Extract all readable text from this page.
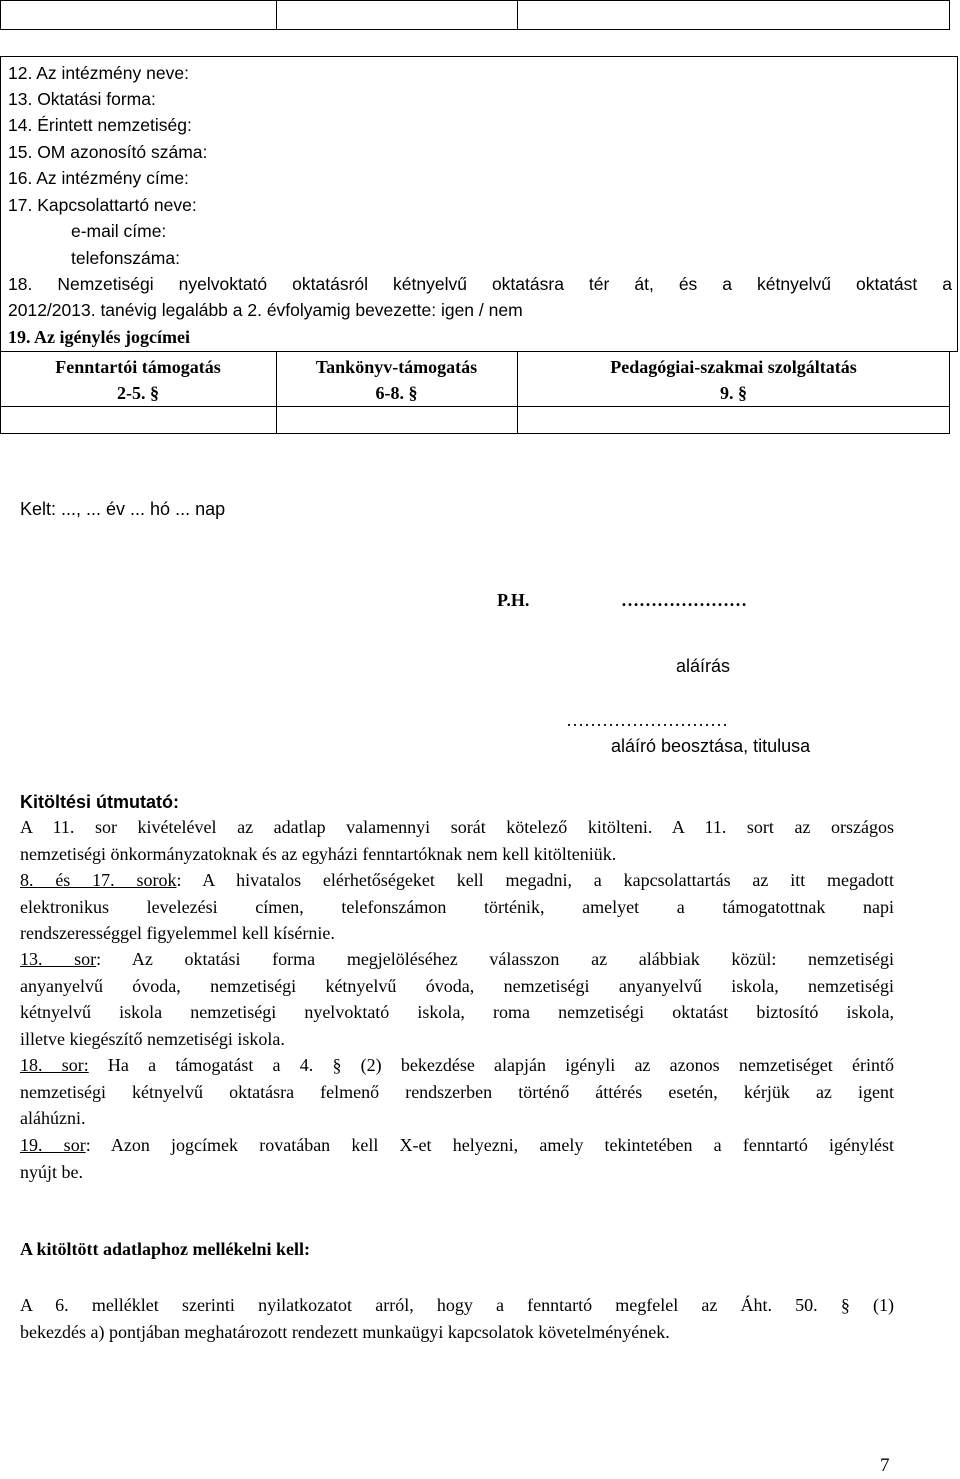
12. Az intézmény neve:
13. Oktatási forma:
14. Érintett nemzetiség:
15. OM azonosító száma:
16. Az intézmény címe:
17. Kapcsolattartó neve:
e-mail címe:
telefonszáma:
18. Nemzetiségi nyelvoktató oktatásról kétnyelvű oktatásra tér át, és a kétnyelvű oktatást a
2012/2013. tanévig legalább a 2. évfolyamig bevezette: igen / nem
19. Az igénylés jogcímei
Fenntartói támogatás
2-5. §
Tankönyv-támogatás
6-8. §
Pedagógiai-szakmai szolgáltatás
9. §
Kelt: ..., ... év ... hó ... nap
P.H.	…………………
aláírás
………………………
aláíró beosztása, titulusa
Kitöltési útmutató:
A 11. sor kivételével az adatlap valamennyi sorát kötelező kitölteni. A 11. sort az országos
nemzetiségi önkormányzatoknak és az egyházi fenntartóknak nem kell kitölteniük.
8. és 17. sorok: A hivatalos elérhetőségeket kell megadni, a kapcsolattartás az itt megadott
elektronikus levelezési címen, telefonszámon történik, amelyet a támogatottnak napi
rendszerességgel figyelemmel kell kísérnie.
13. sor: Az oktatási forma megjelöléséhez válasszon az alábbiak közül: nemzetiségi
anyanyelvű óvoda, nemzetiségi kétnyelvű óvoda, nemzetiségi anyanyelvű iskola, nemzetiségi
kétnyelvű iskola nemzetiségi nyelvoktató iskola, roma nemzetiségi oktatást biztosító iskola,
illetve kiegészítő nemzetiségi iskola.
18. sor: Ha a támogatást a 4. § (2) bekezdése alapján igényli az azonos nemzetiséget érintő
nemzetiségi kétnyelvű oktatásra felmenő rendszerben történő áttérés esetén, kérjük az igent
aláhúzni.
19. sor: Azon jogcímek rovatában kell X-et helyezni, amely tekintetében a fenntartó igénylést
nyújt be.
A kitöltött adatlaphoz mellékelni kell:
A 6. melléklet szerinti nyilatkozatot arról, hogy a fenntartó megfelel az Áht. 50. § (1)
bekezdés a) pontjában meghatározott rendezett munkaügyi kapcsolatok követelményének.
7
